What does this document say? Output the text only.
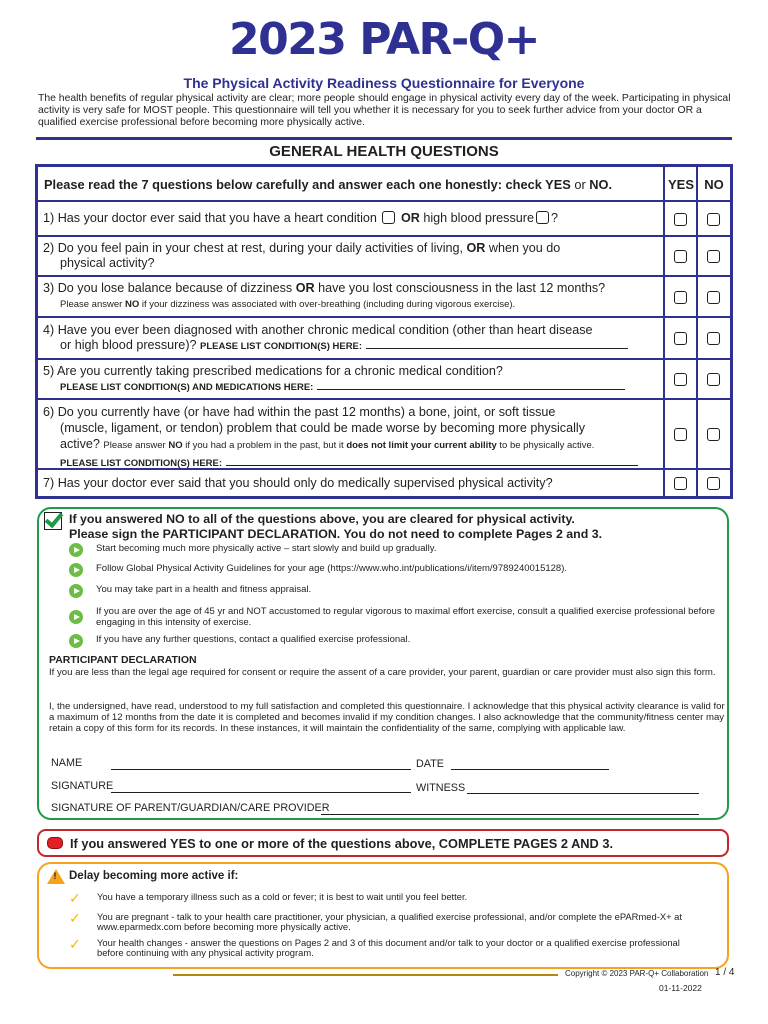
2023 PAR-Q+
The Physical Activity Readiness Questionnaire for Everyone
The health benefits of regular physical activity are clear; more people should engage in physical activity every day of the week. Participating in physical activity is very safe for MOST people. This questionnaire will tell you whether it is necessary for you to seek further advice from your doctor OR a qualified exercise professional before becoming more physically active.
GENERAL HEALTH QUESTIONS
Please read the 7 questions below carefully and answer each one honestly: check YES or NO.	YES NO
1) Has your doctor ever said that you have a heart condition  OR high blood pressure ?
2) Do you feel pain in your chest at rest, during your daily activities of living, OR when you do
physical activity?
3) Do you lose balance because of dizziness OR have you lost consciousness in the last 12 months?
Please answer NO if your dizziness was associated with over-breathing (including during vigorous exercise).
4) Have you ever been diagnosed with another chronic medical condition (other than heart disease
or high blood pressure)? PLEASE LIST CONDITION(S) HERE:
5) Are you currently taking prescribed medications for a chronic medical condition?
PLEASE LIST CONDITION(S) AND MEDICATIONS HERE:
6) Do you currently have (or have had within the past 12 months) a bone, joint, or soft tissue
(muscle, ligament, or tendon) problem that could be made worse by becoming more physically
active? Please answer NO if you had a problem in the past, but it does not limit your current ability to be physically active.
PLEASE LIST CONDITION(S) HERE:
7) Has your doctor ever said that you should only do medically supervised physical activity?
If you answered NO to all of the questions above, you are cleared for physical activity.
Please sign the PARTICIPANT DECLARATION. You do not need to complete Pages 2 and 3.
Start becoming much more physically active – start slowly and build up gradually.
Follow Global Physical Activity Guidelines for your age (https://www.who.int/publications/i/item/9789240015128).
You may take part in a health and fitness appraisal.
If you are over the age of 45 yr and NOT accustomed to regular vigorous to maximal effort exercise, consult a qualified exercise professional before engaging in this intensity of exercise.
If you have any further questions, contact a qualified exercise professional.
PARTICIPANT DECLARATION
If you are less than the legal age required for consent or require the assent of a care provider, your parent, guardian or care provider must also sign this form.
I, the undersigned, have read, understood to my full satisfaction and completed this questionnaire. I acknowledge that this physical activity clearance is valid for a maximum of 12 months from the date it is completed and becomes invalid if my condition changes. I also acknowledge that the community/fitness center may retain a copy of this form for its records. In these instances, it will maintain the confidentiality of the same, complying with applicable law.
NAME	DATE
SIGNATURE	WITNESS
SIGNATURE OF PARENT/GUARDIAN/CARE PROVIDER
If you answered YES to one or more of the questions above, COMPLETE PAGES 2 AND 3.
! Delay becoming more active if:
✓ You have a temporary illness such as a cold or fever; it is best to wait until you feel better.
✓ You are pregnant - talk to your health care practitioner, your physician, a qualified exercise professional, and/or complete the ePARmed-X+ at www.eparmedx.com before becoming more physically active.
✓ Your health changes - answer the questions on Pages 2 and 3 of this document and/or talk to your doctor or a qualified exercise professional before continuing with any physical activity program.
Copyright © 2023 PAR-Q+ Collaboration 1 / 4
01-11-2022
